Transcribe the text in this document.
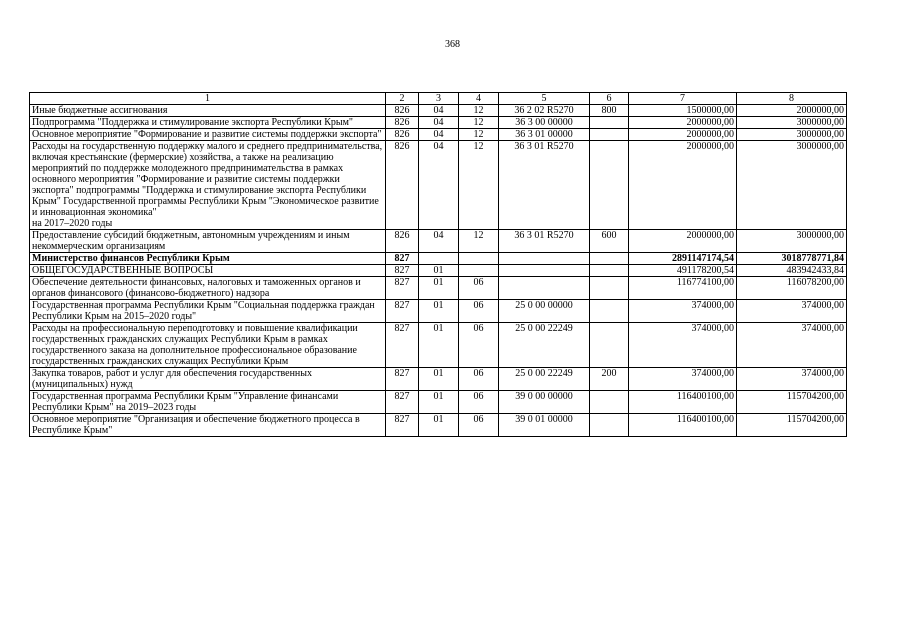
368
1	2	3	4	5	6	7	8
Иные бюджетные ассигнования	826	04	12	36 2 02 R5270	800	1500000,00	2000000,00
Подпрограмма "Поддержка и стимулирование экспорта Республики Крым"	826	04	12	36 3 00 00000		2000000,00	3000000,00
Основное мероприятие "Формирование и развитие системы поддержки экспорта"	826	04	12	36 3 01 00000		2000000,00	3000000,00
Расходы на государственную поддержку малого и среднего предпринимательства, включая крестьянские (фермерские) хозяйства, а также на реализацию мероприятий по поддержке молодежного предпринимательства в рамках основного мероприятия "Формирование и развитие системы поддержки экспорта" подпрограммы "Поддержка и стимулирование экспорта Республики Крым" Государственной программы Республики Крым "Экономическое развитие и инновационная экономика"
на 2017–2020 годы	826	04	12	36 3 01 R5270		2000000,00	3000000,00
Предоставление субсидий бюджетным, автономным учреждениям и иным некоммерческим организациям	826	04	12	36 3 01 R5270	600	2000000,00	3000000,00
Министерство финансов Республики Крым	827					2891147174,54	3018778771,84
ОБЩЕГОСУДАРСТВЕННЫЕ ВОПРОСЫ	827	01				491178200,54	483942433,84
Обеспечение деятельности финансовых, налоговых и таможенных органов и органов финансового (финансово-бюджетного) надзора	827	01	06			116774100,00	116078200,00
Государственная программа Республики Крым "Социальная поддержка граждан Республики Крым на 2015–2020 годы"	827	01	06	25 0 00 00000		374000,00	374000,00
Расходы на профессиональную переподготовку и повышение квалификации государственных гражданских служащих Республики Крым в рамках государственного заказа на дополнительное профессиональное образование государственных гражданских служащих Республики Крым	827	01	06	25 0 00 22249		374000,00	374000,00
Закупка товаров, работ и услуг для обеспечения государственных (муниципальных) нужд	827	01	06	25 0 00 22249	200	374000,00	374000,00
Государственная программа Республики Крым "Управление финансами Республики Крым" на 2019–2023 годы	827	01	06	39 0 00 00000		116400100,00	115704200,00
Основное мероприятие "Организация и обеспечение бюджетного процесса в Республике Крым"	827	01	06	39 0 01 00000		116400100,00	115704200,00
